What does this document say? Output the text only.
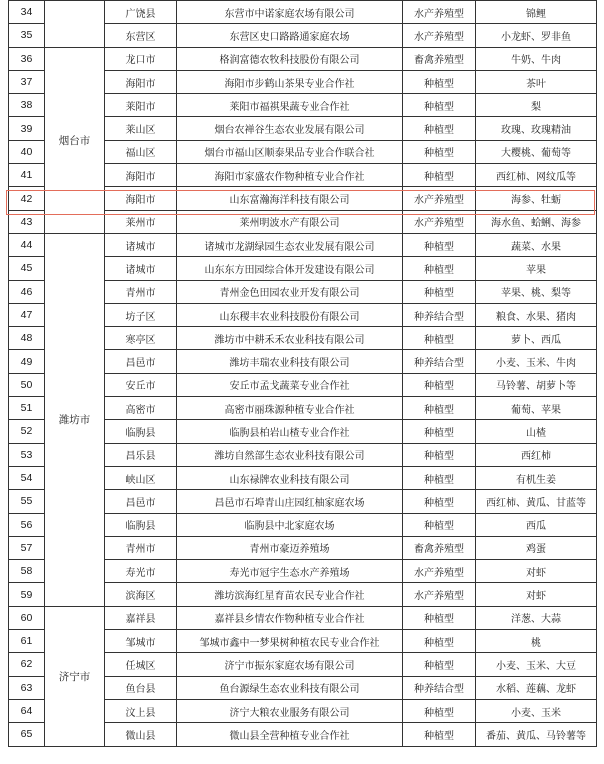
34		广饶县	东营市中诺家庭农场有限公司	水产养殖型	锦鲤
35		东营区	东营区史口路路通家庭农场	水产养殖型	小龙虾、罗非鱼
36	烟台市	龙口市	格润富德农牧科技股份有限公司	畜禽养殖型	牛奶、牛肉
37		海阳市	海阳市步鹤山茶果专业合作社	种植型	茶叶
38		莱阳市	莱阳市福祺果蔬专业合作社	种植型	梨
39		莱山区	烟台农禅谷生态农业发展有限公司	种植型	玫瑰、玫瑰精油
40		福山区	烟台市福山区顺泰果品专业合作联合社	种植型	大樱桃、葡萄等
41		海阳市	海阳市家盛农作物种植专业合作社	种植型	西红柿、网纹瓜等
42		海阳市	山东富瀚海洋科技有限公司	水产养殖型	海参、牡蛎
43		莱州市	莱州明波水产有限公司	水产养殖型	海水鱼、蛤蜊、海参
44	潍坊市	诸城市	诸城市龙湖绿园生态农业发展有限公司	种植型	蔬菜、水果
45		诸城市	山东东方田园综合体开发建设有限公司	种植型	苹果
46		青州市	青州金色田园农业开发有限公司	种植型	苹果、桃、梨等
47		坊子区	山东稷丰农业科技股份有限公司	种养结合型	粮食、水果、猪肉
48		寒亭区	潍坊市中耕禾禾农业科技有限公司	种植型	萝卜、西瓜
49		昌邑市	潍坊丰瑞农业科技有限公司	种养结合型	小麦、玉米、牛肉
50		安丘市	安丘市孟戈蔬菜专业合作社	种植型	马铃薯、胡萝卜等
51		高密市	高密市丽珠源种植专业合作社	种植型	葡萄、苹果
52		临朐县	临朐县柏岩山楂专业合作社	种植型	山楂
53		昌乐县	潍坊自然部生态农业科技有限公司	种植型	西红柿
54		峡山区	山东禄牌农业科技有限公司	种植型	有机生姜
55		昌邑市	昌邑市石埠青山庄园红柚家庭农场	种植型	西红柿、黄瓜、甘蓝等
56		临朐县	临朐县中北家庭农场	种植型	西瓜
57		青州市	青州市豪迈养殖场	畜禽养殖型	鸡蛋
58		寿光市	寿光市冠宇生态水产养殖场	水产养殖型	对虾
59		滨海区	潍坊滨海红星育苗农民专业合作社	水产养殖型	对虾
60	济宁市	嘉祥县	嘉祥县乡情农作物种植专业合作社	种植型	洋葱、大蒜
61		邹城市	邹城市鑫中一梦果树种植农民专业合作社	种植型	桃
62		任城区	济宁市振东家庭农场有限公司	种植型	小麦、玉米、大豆
63		鱼台县	鱼台源绿生态农业科技有限公司	种养结合型	水稻、莲藕、龙虾
64		汶上县	济宁大粮农业服务有限公司	种植型	小麦、玉米
65		微山县	微山县全营种植专业合作社	种植型	番茄、黄瓜、马铃薯等
